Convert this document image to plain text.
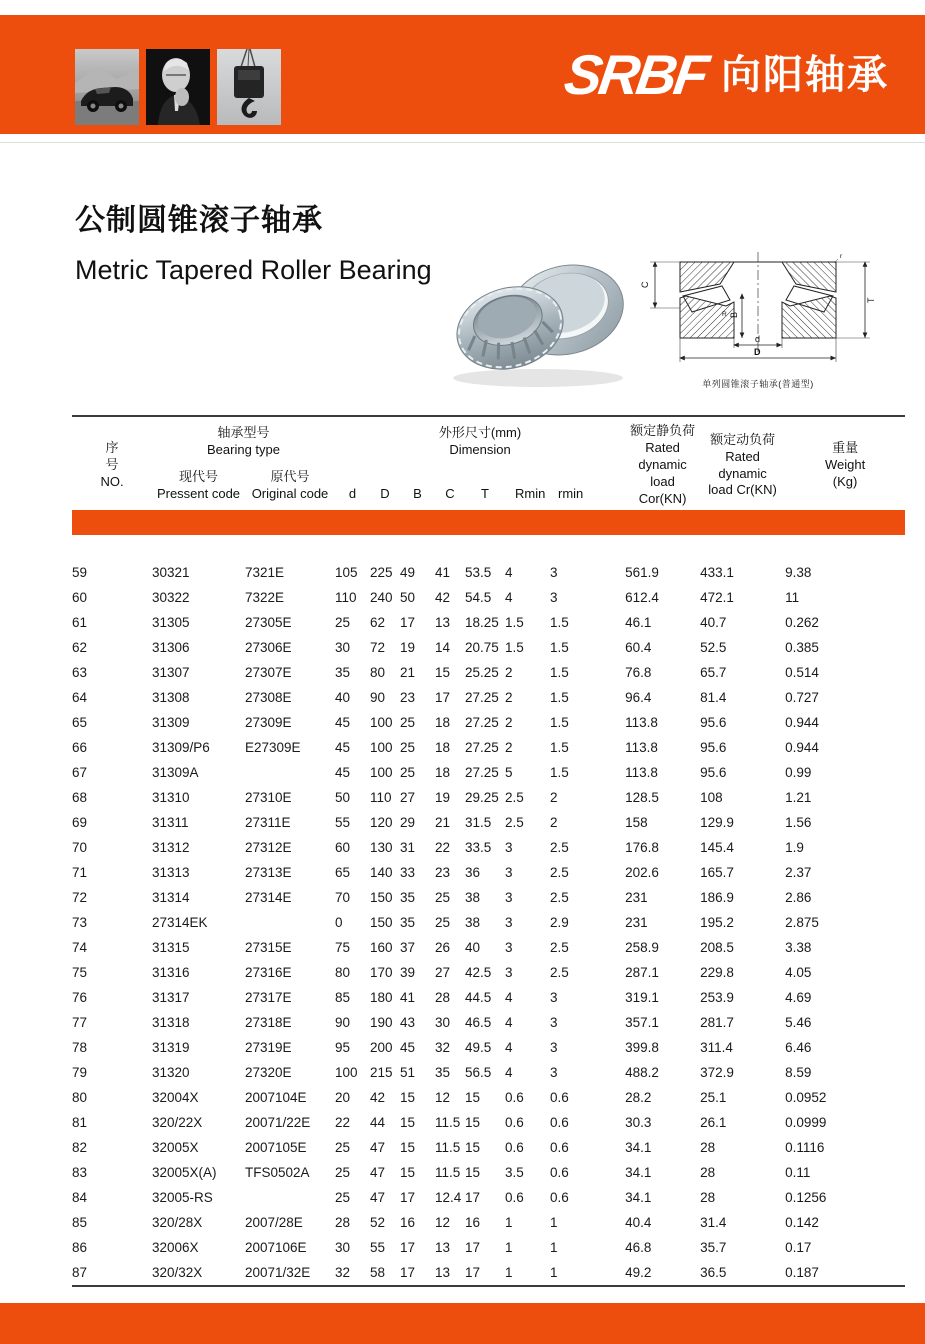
SRBF 向阳轴承
公制圆锥滚子轴承
Metric Tapered Roller Bearing	C
B
R
d
D
T
r
单列圆锥滚子轴承(普通型)
序
号
NO.

轴承型号
Bearing type

外形尺寸(mm)
Dimension

额定静负荷
Rated dynamic
load Cor(KN)

额定动负荷
Rated dynamic
load Cr(KN)

重量
Weight
(Kg)

现代号
Pressent code

原代号
Original code	d	D	B	C	T	Rmin	rmin

59	30321	7321E	105	225	49	41	53.5	4	3	561.9	433.1	9.38
60	30322	7322E	110	240	50	42	54.5	4	3	612.4	472.1	11
61	31305	27305E	25	62	17	13	18.25	1.5	1.5	46.1	40.7	0.262
62	31306	27306E	30	72	19	14	20.75	1.5	1.5	60.4	52.5	0.385
63	31307	27307E	35	80	21	15	25.25	2	1.5	76.8	65.7	0.514
64	31308	27308E	40	90	23	17	27.25	2	1.5	96.4	81.4	0.727
65	31309	27309E	45	100	25	18	27.25	2	1.5	113.8	95.6	0.944
66	31309/P6	E27309E	45	100	25	18	27.25	2	1.5	113.8	95.6	0.944
67	31309A		45	100	25	18	27.25	5	1.5	113.8	95.6	0.99
68	31310	27310E	50	110	27	19	29.25	2.5	2	128.5	108	1.21
69	31311	27311E	55	120	29	21	31.5	2.5	2	158	129.9	1.56
70	31312	27312E	60	130	31	22	33.5	3	2.5	176.8	145.4	1.9
71	31313	27313E	65	140	33	23	36	3	2.5	202.6	165.7	2.37
72	31314	27314E	70	150	35	25	38	3	2.5	231	186.9	2.86
73	27314EK		0	150	35	25	38	3	2.9	231	195.2	2.875
74	31315	27315E	75	160	37	26	40	3	2.5	258.9	208.5	3.38
75	31316	27316E	80	170	39	27	42.5	3	2.5	287.1	229.8	4.05
76	31317	27317E	85	180	41	28	44.5	4	3	319.1	253.9	4.69
77	31318	27318E	90	190	43	30	46.5	4	3	357.1	281.7	5.46
78	31319	27319E	95	200	45	32	49.5	4	3	399.8	311.4	6.46
79	31320	27320E	100	215	51	35	56.5	4	3	488.2	372.9	8.59
80	32004X	2007104E	20	42	15	12	15	0.6	0.6	28.2	25.1	0.0952
81	320/22X	20071/22E	22	44	15	11.5	15	0.6	0.6	30.3	26.1	0.0999
82	32005X	2007105E	25	47	15	11.5	15	0.6	0.6	34.1	28	0.1116
83	32005X(A)	TFS0502A	25	47	15	11.5	15	3.5	0.6	34.1	28	0.11
84	32005-RS		25	47	17	12.4	17	0.6	0.6	34.1	28	0.1256
85	320/28X	2007/28E	28	52	16	12	16	1	1	40.4	31.4	0.142
86	32006X	2007106E	30	55	17	13	17	1	1	46.8	35.7	0.17
87	320/32X	20071/32E	32	58	17	13	17	1	1	49.2	36.5	0.187
